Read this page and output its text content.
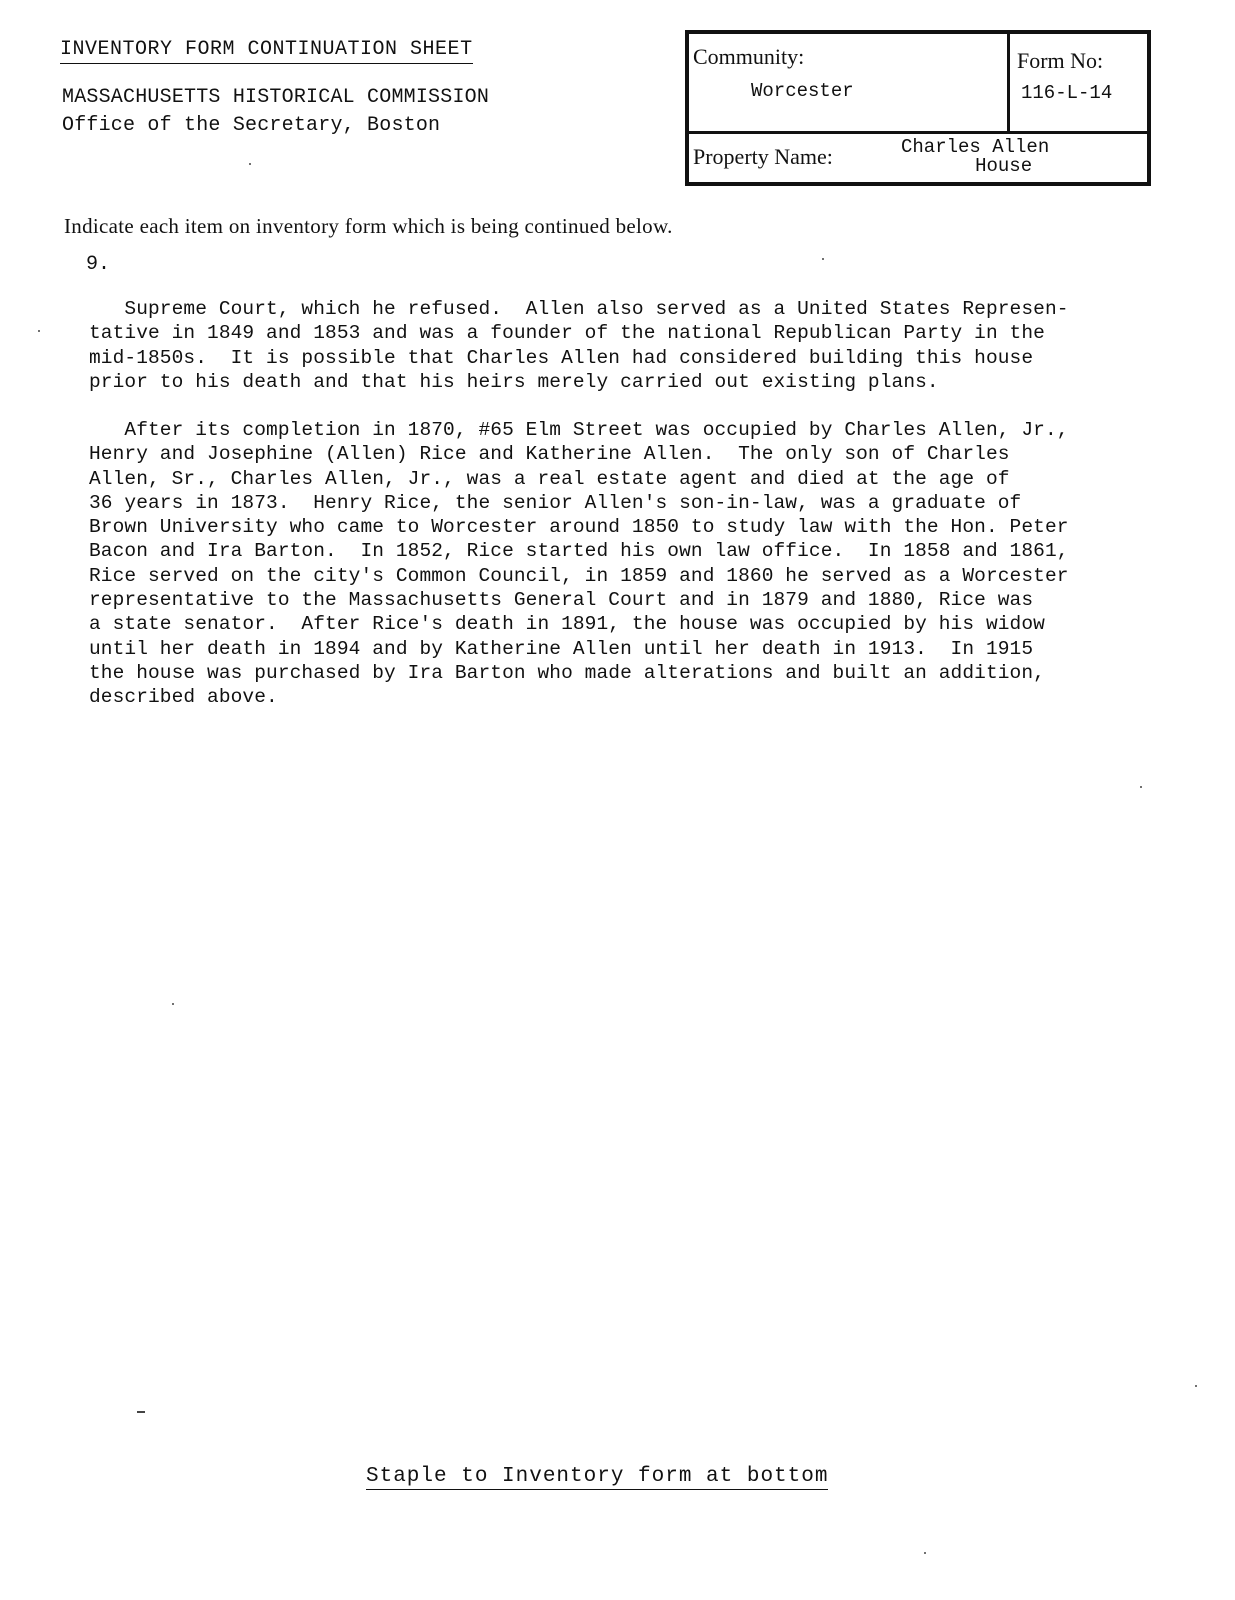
INVENTORY FORM CONTINUATION SHEET
MASSACHUSETTS HISTORICAL COMMISSION
Office of the Secretary, Boston
Community:
Worcester
Form No:
116-L-14
Property Name:	Charles Allen
House
Indicate each item on inventory form which is being continued below.
9.
Supreme Court, which he refused.  Allen also served as a United States Represen-
tative in 1849 and 1853 and was a founder of the national Republican Party in the
mid-1850s.  It is possible that Charles Allen had considered building this house
prior to his death and that his heirs merely carried out existing plans.
After its completion in 1870, #65 Elm Street was occupied by Charles Allen, Jr.,
Henry and Josephine (Allen) Rice and Katherine Allen.  The only son of Charles
Allen, Sr., Charles Allen, Jr., was a real estate agent and died at the age of
36 years in 1873.  Henry Rice, the senior Allen's son-in-law, was a graduate of
Brown University who came to Worcester around 1850 to study law with the Hon. Peter
Bacon and Ira Barton.  In 1852, Rice started his own law office.  In 1858 and 1861,
Rice served on the city's Common Council, in 1859 and 1860 he served as a Worcester
representative to the Massachusetts General Court and in 1879 and 1880, Rice was
a state senator.  After Rice's death in 1891, the house was occupied by his widow
until her death in 1894 and by Katherine Allen until her death in 1913.  In 1915
the house was purchased by Ira Barton who made alterations and built an addition,
described above.
Staple to Inventory form at bottom
